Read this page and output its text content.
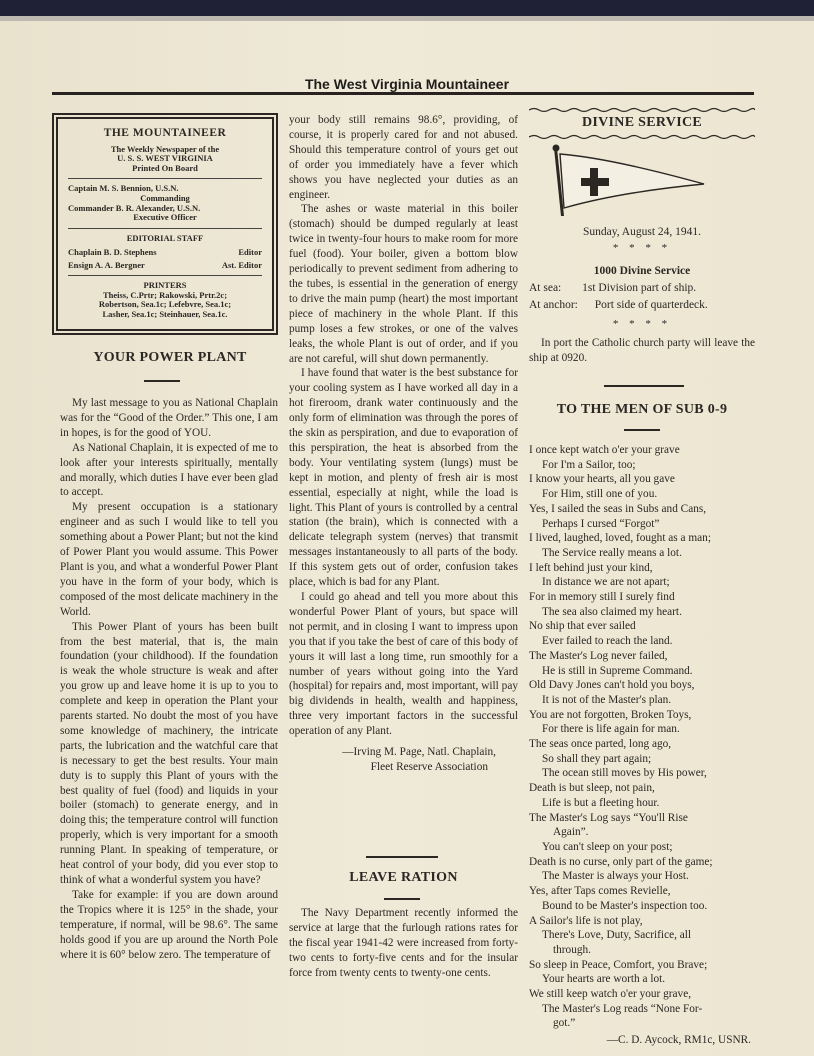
The West Virginia Mountaineer
THE MOUNTAINEER
The Weekly Newspaper of the
U. S. S. WEST VIRGINIA
Printed On Board
Captain M. S. Bennion, U.S.N.
Commanding
Commander B. R. Alexander, U.S.N.
Executive Officer
EDITORIAL STAFF
Chaplain B. D. Stephens	Editor
Ensign A. A. Bergner	Ast. Editor
PRINTERS
Theiss, C.Prtr; Rakowski, Prtr.2c;
Robertson, Sea.1c; Lefebvre, Sea.1c;
Lasher, Sea.1c; Steinhauer, Sea.1c.
YOUR POWER PLANT

My last message to you as National Chaplain was for the “Good of the Order.” This one, I am in hopes, is for the good of YOU.

As National Chaplain, it is expected of me to look after your interests spiritually, mentally and morally, which duties I have ever been glad to accept.

My present occupation is a stationary engineer and as such I would like to tell you something about a Power Plant; but not the kind of Power Plant you would assume. This Power Plant is you, and what a wonderful Power Plant you have in the form of your body, which is composed of the most delicate machinery in the World.

This Power Plant of yours has been built from the best material, that is, the main foundation (your childhood). If the foundation is weak the whole structure is weak and after you grow up and leave home it is up to you to complete and keep in operation the Plant your parents started. No doubt the most of you have some knowledge of machinery, the intricate parts, the lubrication and the watchful care that is necessary to get the best results. Your main duty is to supply this Plant of yours with the best quality of fuel (food) and liquids in your boiler (stomach) to generate energy, and in doing this; the temperature control will function properly, which is very important for a smooth running Plant. In speaking of temperature, or heat control of your body, did you ever stop to think of what a wonderful system you have?

Take for example: if you are down around the Tropics where it is 125° in the shade, your temperature, if normal, will be 98.6°. The same holds good if you are up around the North Pole where it is 60° below zero. The temperature of

your body still remains 98.6°, providing, of course, it is properly cared for and not abused. Should this temperature control of yours get out of order you immediately have a fever which shows you have neglected your duties as an engineer.

The ashes or waste material in this boiler (stomach) should be dumped regularly at least twice in twenty-four hours to make room for more fuel (food). Your boiler, given a bottom blow periodically to prevent sediment from adhering to the tubes, is essential in the generation of energy to drive the main pump (heart) the most important piece of machinery in the whole Plant. If this pump loses a few strokes, or one of the valves leaks, the whole Plant is out of order, and if you are not careful, will shut down permanently.

I have found that water is the best substance for your cooling system as I have worked all day in a hot fireroom, drank water continuously and the only form of elimination was through the pores of the skin as perspiration, and due to evaporation of this perspiration, the heat is absorbed from the body. Your ventilating system (lungs) must be kept in motion, and plenty of fresh air is most essential, especially at night, while the load is light. This Plant of yours is controlled by a central station (the brain), which is connected with a delicate telegraph system (nerves) that transmit messages instantaneously to all parts of the body. If this system gets out of order, confusion takes place, which is bad for any Plant.

I could go ahead and tell you more about this wonderful Power Plant of yours, but space will not permit, and in closing I want to impress upon you that if you take the best of care of this body of yours it will last a long time, run smoothly for a number of years without going into the Yard (hospital) for repairs and, most important, will pay big dividends in health, wealth and happiness, three very important factors in the successful operation of any Plant.

—Irving M. Page, Natl. Chaplain,
Fleet Reserve Association
LEAVE RATION

The Navy Department recently informed the service at large that the furlough rations rates for the fiscal year 1941-42 were increased from forty-two cents to forty-five cents and for the insular force from twenty cents to twenty-one cents.

DIVINE SERVICE
Sunday, August 24, 1941.
* * * *
1000 Divine Service
At sea: 1st Division part of ship.
At anchor: Port side of quarterdeck.
* * * *

In port the Catholic church party will leave the ship at 0920.

TO THE MEN OF SUB 0-9
I once kept watch o'er your grave
For I'm a Sailor, too;
I know your hearts, all you gave
For Him, still one of you.
Yes, I sailed the seas in Subs and Cans,
Perhaps I cursed “Forgot”
I lived, laughed, loved, fought as a man;
The Service really means a lot.
I left behind just your kind,
In distance we are not apart;
For in memory still I surely find
The sea also claimed my heart.
No ship that ever sailed
Ever failed to reach the land.
The Master's Log never failed,
He is still in Supreme Command.
Old Davy Jones can't hold you boys,
It is not of the Master's plan.
You are not forgotten, Broken Toys,
For there is life again for man.
The seas once parted, long ago,
So shall they part again;
The ocean still moves by His power,
Death is but sleep, not pain,
Life is but a fleeting hour.
The Master's Log says “You'll Rise
Again”.
You can't sleep on your post;
Death is no curse, only part of the game;
The Master is always your Host.
Yes, after Taps comes Revielle,
Bound to be Master's inspection too.
A Sailor's life is not play,
There's Love, Duty, Sacrifice, all
through.
So sleep in Peace, Comfort, you Brave;
Your hearts are worth a lot.
We still keep watch o'er your grave,
The Master's Log reads “None For-
got.”
—C. D. Aycock, RM1c, USNR.
